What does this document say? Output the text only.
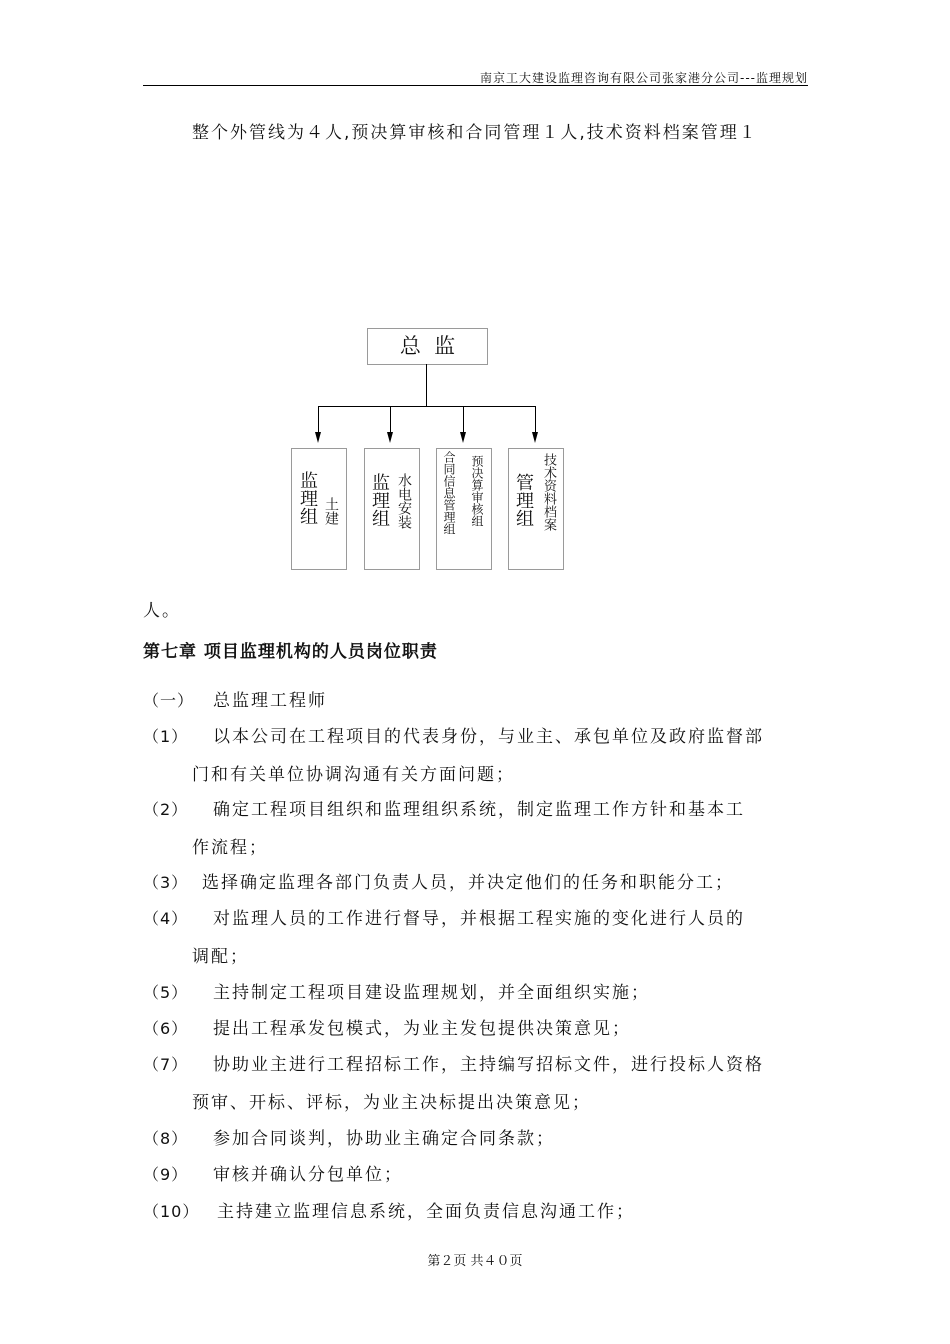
南京工大建设监理咨询有限公司张家港分公司---监理规划
整个外管线为４人,预决算审核和合同管理１人,技术资料档案管理１
总  监
监理组 土建 监理组 水电安装	合同信息管理组 预决算审核组 管理组 技术资料档案
人。
第七章 项目监理机构的人员岗位职责
（一） 总监理工程师
（1） 以本公司在工程项目的代表身份，与业主、承包单位及政府监督部
门和有关单位协调沟通有关方面问题；
（2） 确定工程项目组织和监理组织系统，制定监理工作方针和基本工
作流程；
（3） 选择确定监理各部门负责人员，并决定他们的任务和职能分工；
（4） 对监理人员的工作进行督导，并根据工程实施的变化进行人员的
调配；
（5） 主持制定工程项目建设监理规划，并全面组织实施；
（6） 提出工程承发包模式，为业主发包提供决策意见；
（7） 协助业主进行工程招标工作，主持编写招标文件，进行投标人资格
预审、开标、评标，为业主决标提出决策意见；
（8） 参加合同谈判，协助业主确定合同条款；
（9） 审核并确认分包单位；
（10） 主持建立监理信息系统，全面负责信息沟通工作；
第２页 共４０页
